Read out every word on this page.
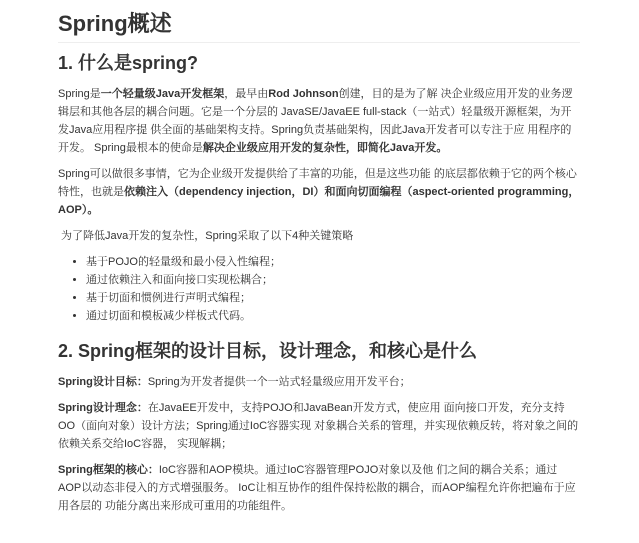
Spring概述
1. 什么是spring?

Spring是一个轻量级Java开发框架，最早由Rod Johnson创建，目的是为了解 决企业级应用开发的业务逻辑层和其他各层的耦合问题。它是一个分层的 JavaSE/JavaEE full-stack（一站式）轻量级开源框架，为开发Java应用程序提 供全面的基础架构支持。Spring负责基础架构，因此Java开发者可以专注于应 用程序的开发。 Spring最根本的使命是解决企业级应用开发的复杂性，即简化Java开发。

Spring可以做很多事情，它为企业级开发提供给了丰富的功能，但是这些功能 的底层都依赖于它的两个核心特性，也就是依赖注入（dependency injection，DI）和面向切面编程（aspect-oriented programming， AOP）。

为了降低Java开发的复杂性，Spring采取了以下4种关键策略

• 基于POJO的轻量级和最小侵入性编程；
• 通过依赖注入和面向接口实现松耦合；
• 基于切面和惯例进行声明式编程；
• 通过切面和模板减少样板式代码。
2. Spring框架的设计目标，设计理念，和核心是什么

Spring设计目标：Spring为开发者提供一个一站式轻量级应用开发平台；

Spring设计理念：在JavaEE开发中，支持POJO和JavaBean开发方式，使应用 面向接口开发，充分支持OO（面向对象）设计方法；Spring通过IoC容器实现 对象耦合关系的管理，并实现依赖反转，将对象之间的依赖关系交给IoC容器， 实现解耦；

Spring框架的核心：IoC容器和AOP模块。通过IoC容器管理POJO对象以及他 们之间的耦合关系；通过AOP以动态非侵入的方式增强服务。 IoC让相互协作的组件保持松散的耦合，而AOP编程允许你把遍布于应用各层的 功能分离出来形成可重用的功能组件。
